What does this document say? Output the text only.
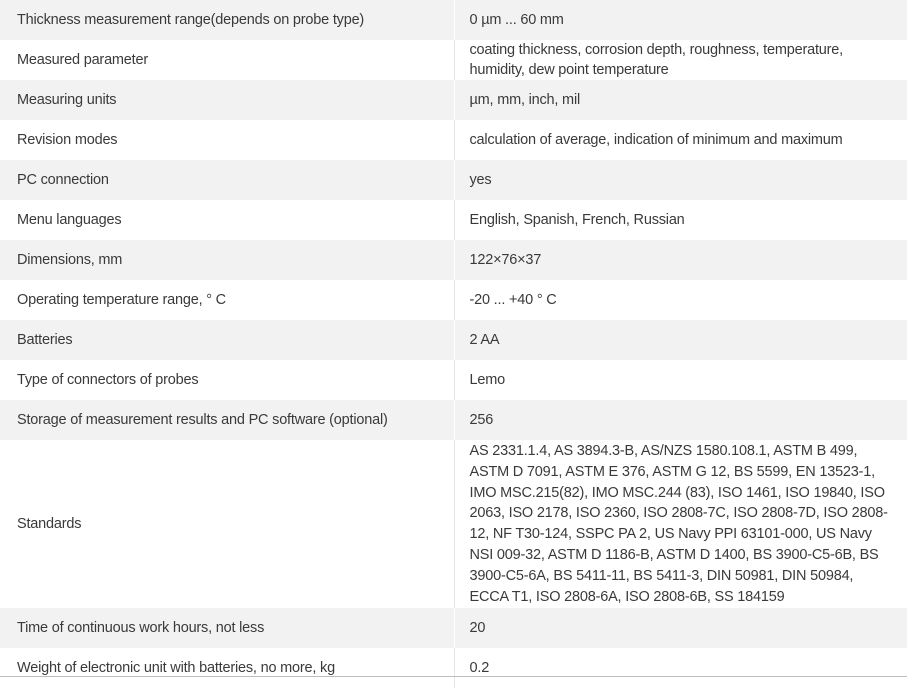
Thickness measurement range(depends on probe type)	0 µm ... 60 mm
Measured parameter	coating thickness, corrosion depth, roughness, temperature, humidity, dew point temperature
Measuring units	µm, mm, inch, mil
Revision modes	calculation of average, indication of minimum and maximum
PC connection	yes
Menu languages	English, Spanish, French, Russian
Dimensions, mm	122×76×37
Operating temperature range, ° C	-20 ... +40 ° C
Batteries	2 AA
Type of connectors of probes	Lemo
Storage of measurement results and PC software (optional)	256
Standards	AS 2331.1.4, AS 3894.3-B, AS/NZS 1580.108.1, ASTM B 499, ASTM D 7091, ASTM E 376, ASTM G 12, BS 5599, EN 13523-1, IMO MSC.215(82), IMO MSC.244 (83), ISO 1461, ISO 19840, ISO 2063, ISO 2178, ISO 2360, ISO 2808-7C, ISO 2808-7D, ISO 2808-12, NF T30-124, SSPC PA 2, US Navy PPI 63101-000, US Navy NSI 009-32, ASTM D 1186-B, ASTM D 1400, BS 3900-C5-6B, BS 3900-C5-6A, BS 5411-11, BS 5411-3, DIN 50981, DIN 50984, ECCA T1, ISO 2808-6A, ISO 2808-6B, SS 184159
Time of continuous work hours, not less	20
Weight of electronic unit with batteries, no more, kg	0.2
